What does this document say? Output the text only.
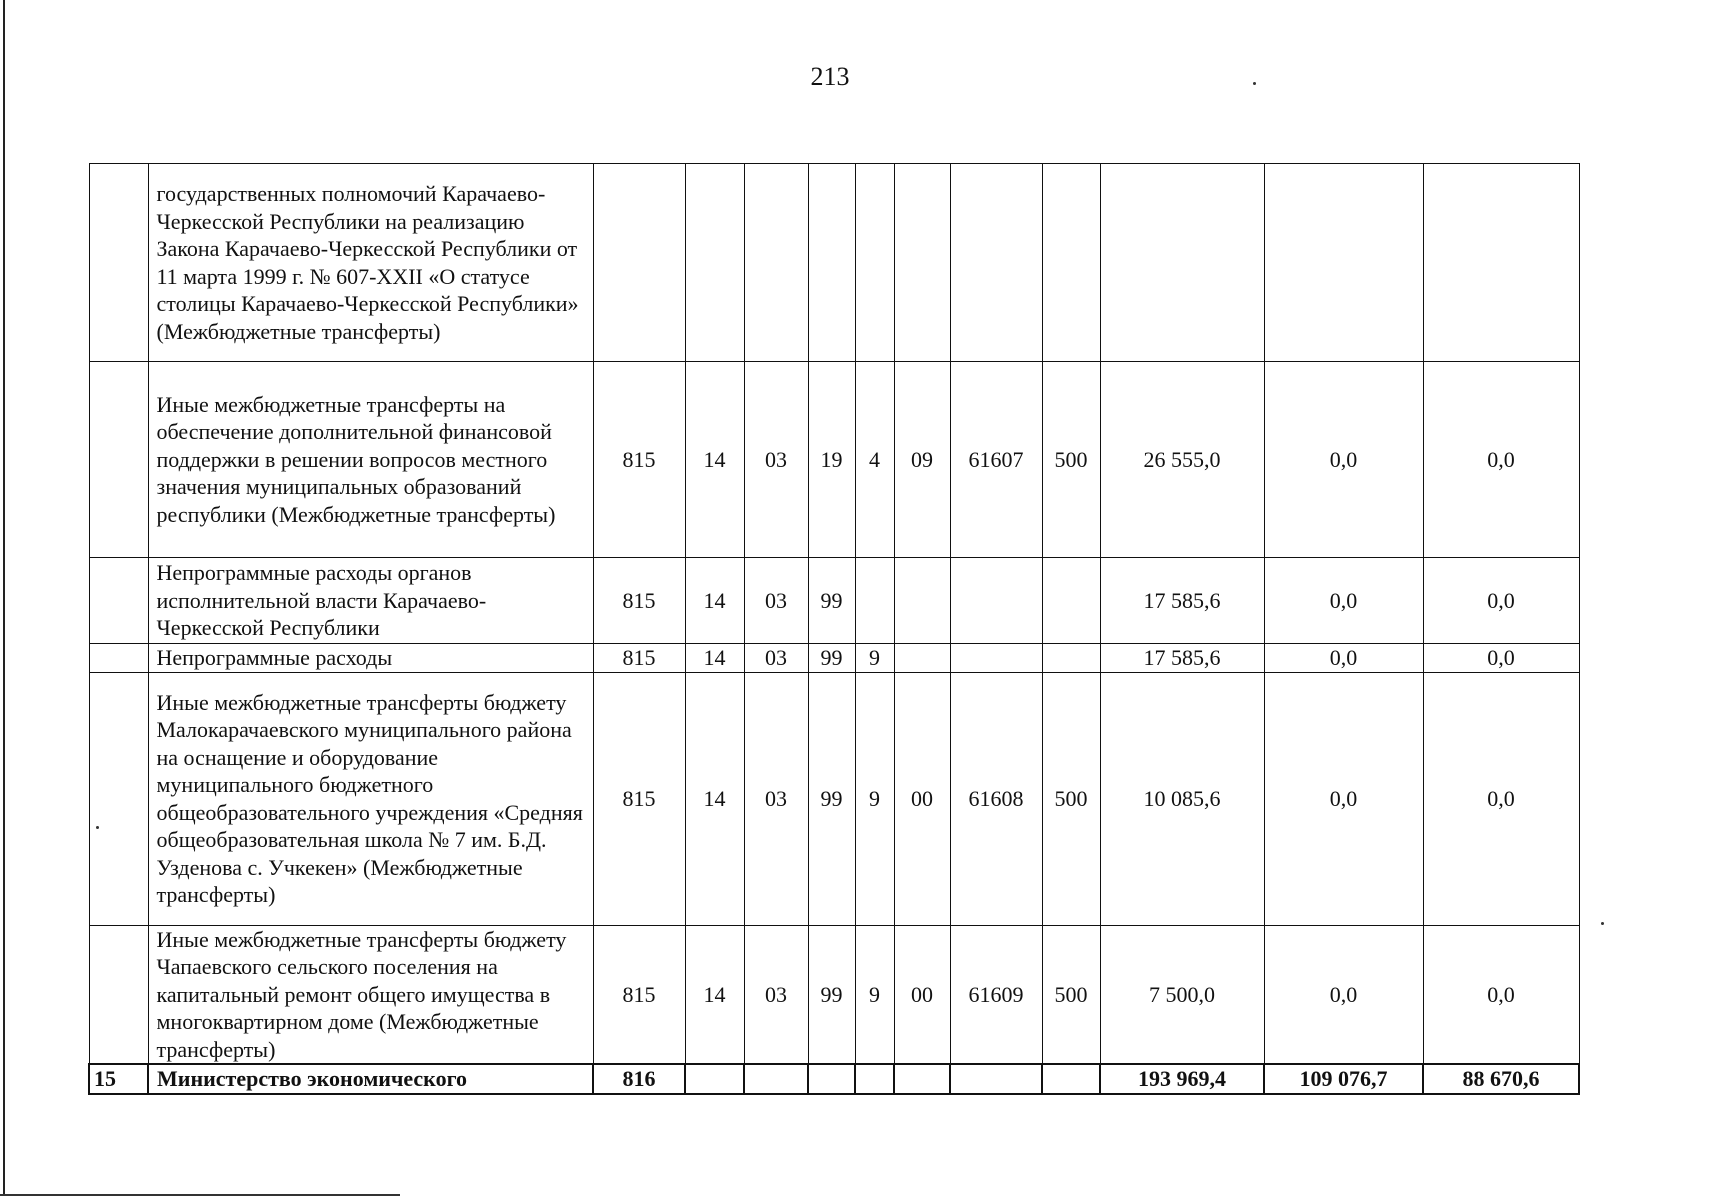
213
	государственных полномочий Карачаево-Черкесской Республики на реализацию Закона Карачаево-Черкесской Республики от 11 марта 1999 г. № 607-XXII «О статусе столицы Карачаево-Черкесской Республики» (Межбюджетные трансферты)											
	Иные межбюджетные трансферты на обеспечение дополнительной финансовой поддержки в решении вопросов местного значения муниципальных образований республики (Межбюджетные трансферты)	815	14	03	19	4	09	61607	500	26 555,0	0,0	0,0
	Непрограммные расходы органов исполнительной власти Карачаево-Черкесской Республики	815	14	03	99					17 585,6	0,0	0,0
	Непрограммные расходы	815	14	03	99	9				17 585,6	0,0	0,0
	Иные межбюджетные трансферты бюджету Малокарачаевского муниципального района на оснащение и оборудование муниципального бюджетного общеобразовательного учреждения «Средняя общеобразовательная школа № 7 им. Б.Д. Узденова с. Учкекен» (Межбюджетные трансферты)	815	14	03	99	9	00	61608	500	10 085,6	0,0	0,0
	Иные межбюджетные трансферты бюджету Чапаевского сельского поселения на капитальный ремонт общего имущества в многоквартирном доме (Межбюджетные трансферты)	815	14	03	99	9	00	61609	500	7 500,0	0,0	0,0
15	Министерство экономического	816								193 969,4	109 076,7	88 670,6
